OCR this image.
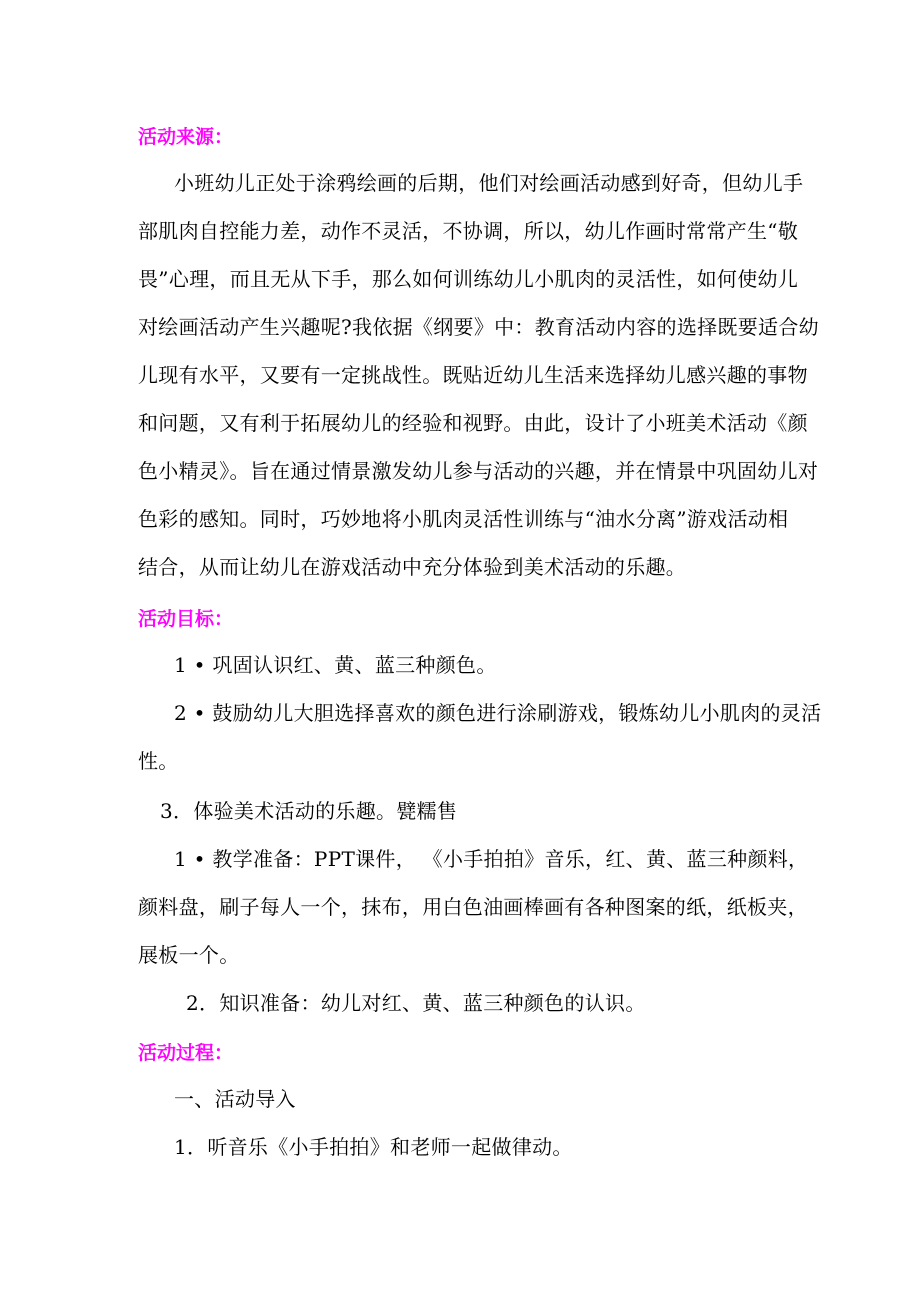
活动来源：
小班幼儿正处于涂鸦绘画的后期，他们对绘画活动感到好奇，但幼儿手
部肌肉自控能力差，动作不灵活，不协调，所以，幼儿作画时常常产生“敬
畏”心理，而且无从下手，那么如何训练幼儿小肌肉的灵活性，如何使幼儿
对绘画活动产生兴趣呢?我依据《纲要》中：教育活动内容的选择既要适合幼
儿现有水平，又要有一定挑战性。既贴近幼儿生活来选择幼儿感兴趣的事物
和问题，又有利于拓展幼儿的经验和视野。由此，设计了小班美术活动《颜
色小精灵》。旨在通过情景激发幼儿参与活动的兴趣，并在情景中巩固幼儿对
色彩的感知。同时，巧妙地将小肌肉灵活性训练与“油水分离”游戏活动相
结合，从而让幼儿在游戏活动中充分体验到美术活动的乐趣。
活动目标：
1 • 巩固认识红、黄、蓝三种颜色。
2 • 鼓励幼儿大胆选择喜欢的颜色进行涂刷游戏，锻炼幼儿小肌肉的灵活
性。
3．体验美术活动的乐趣。甓糯售
1 • 教学准备：PPT课件， 《小手拍拍》音乐，红、黄、蓝三种颜料，
颜料盘，刷子每人一个，抹布，用白色油画棒画有各种图案的纸，纸板夹，
展板一个。
2．知识准备：幼儿对红、黄、蓝三种颜色的认识。
活动过程：
一、活动导入
1．听音乐《小手拍拍》和老师一起做律动。
